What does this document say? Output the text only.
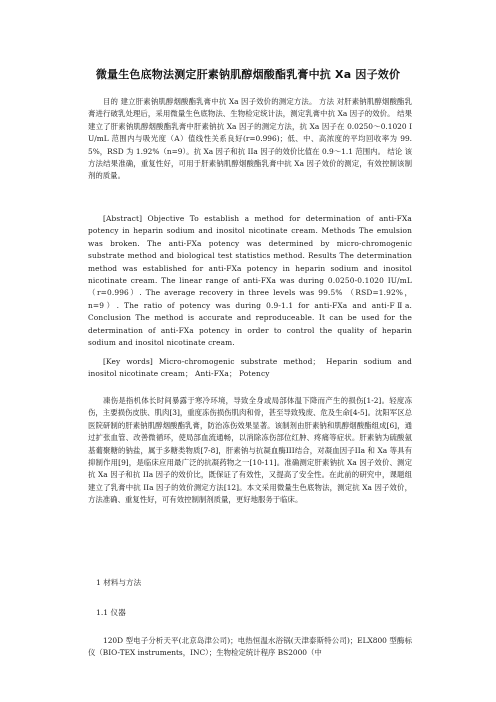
微量生色底物法测定肝素钠肌醇烟酸酯乳膏中抗 Xa 因子效价

目的 建立肝素钠肌醇烟酸酯乳膏中抗 Xa 因子效价的测定方法。 方法 对肝素钠肌醇烟酸酯乳膏进行破乳处理后，采用微量生色底物法、生物检定统计法，测定乳膏中抗 Xa 因子的效价。 结果 建立了肝素钠肌醇烟酸酯乳膏中肝素钠抗 Xa 因子的测定方法，抗 Xa 因子在 0.0250～0.1020 IU/mL 范围内与吸光度（A）值线性关系良好(r=0.996)；低、中、高浓度的平均回收率为 99.5%，RSD 为 1.92%（n=9）。抗 Xa 因子和抗 IIa 因子的效价比值在 0.9～1.1 范围内。 结论 该方法结果准确，重复性好，可用于肝素钠肌醇烟酸酯乳膏中抗 Xa 因子效价的测定，有效控制该制剂的质量。

[Abstract] Objective To establish a method for determination of anti-FXa potency in heparin sodium and inositol nicotinate cream. Methods The emulsion was broken. The anti-FXa potency was determined by micro-chromogenic substrate method and biological test statistics method. Results The determination method was established for anti-FXa potency in heparin sodium and inositol nicotinate cream. The linear range of anti-FXa was during 0.0250-0.1020 IU/mL （r=0.996）. The average recovery in three levels was 99.5% （RSD=1.92%， n=9）. The ratio of potency was during 0.9-1.1 for anti-FXa and anti-FⅡa. Conclusion The method is accurate and reproduceable. It can be used for the determination of anti-FXa potency in order to control the quality of heparin sodium and inositol nicotinate cream.

[Key words] Micro-chromogenic substrate method； Heparin sodium and inositol nicotinate cream； Anti-FXa； Potency

凍伤是指机体长时间暴露于寒冷环境，导致全身或局部体温下降而产生的损伤[1-2]。轻度冻伤，主要损伤皮肤、肌肉[3]，重度冻伤损伤肌肉和骨，甚至导致残废、危及生命[4-5]。沈阳军区总医院研制的肝素钠肌醇烟酸酯乳膏，防治冻伤效果显著。该制剂由肝素钠和肌醇烟酸酯组成[6]，通过扩张血管、改善微循环，使局部血流通畅，以消除冻伤部位红肿、疼痛等症状。肝素钠为硫酸氨基葡聚糖的钠盐，属于多糖类物质[7-8]，肝素钠与抗凝血酶III结合，对凝血因子IIa 和 Xa 等具有抑制作用[9]，是临床应用最广泛的抗凝药物之一[10-11]。准确测定肝素钠抗 Xa 因子效价、测定抗 Xa 因子和抗 IIa 因子的效价比，既保证了有效性，又提高了安全性。在此前的研究中，课题组建立了乳膏中抗 IIa 因子的效价测定方法[12]。本文采用微量生色底物法，测定抗 Xa 因子效价，方法准确、重复性好，可有效控制制剂质量，更好地服务于临床。

1 材料与方法
1.1 仪器

120D 型电子分析天平(北京岛津公司)；电热恒温水浴锅(天津泰斯特公司)；ELX800 型酶标仪（BIO-TEX instruments，INC）；生物检定统计程序 BS2000（中
